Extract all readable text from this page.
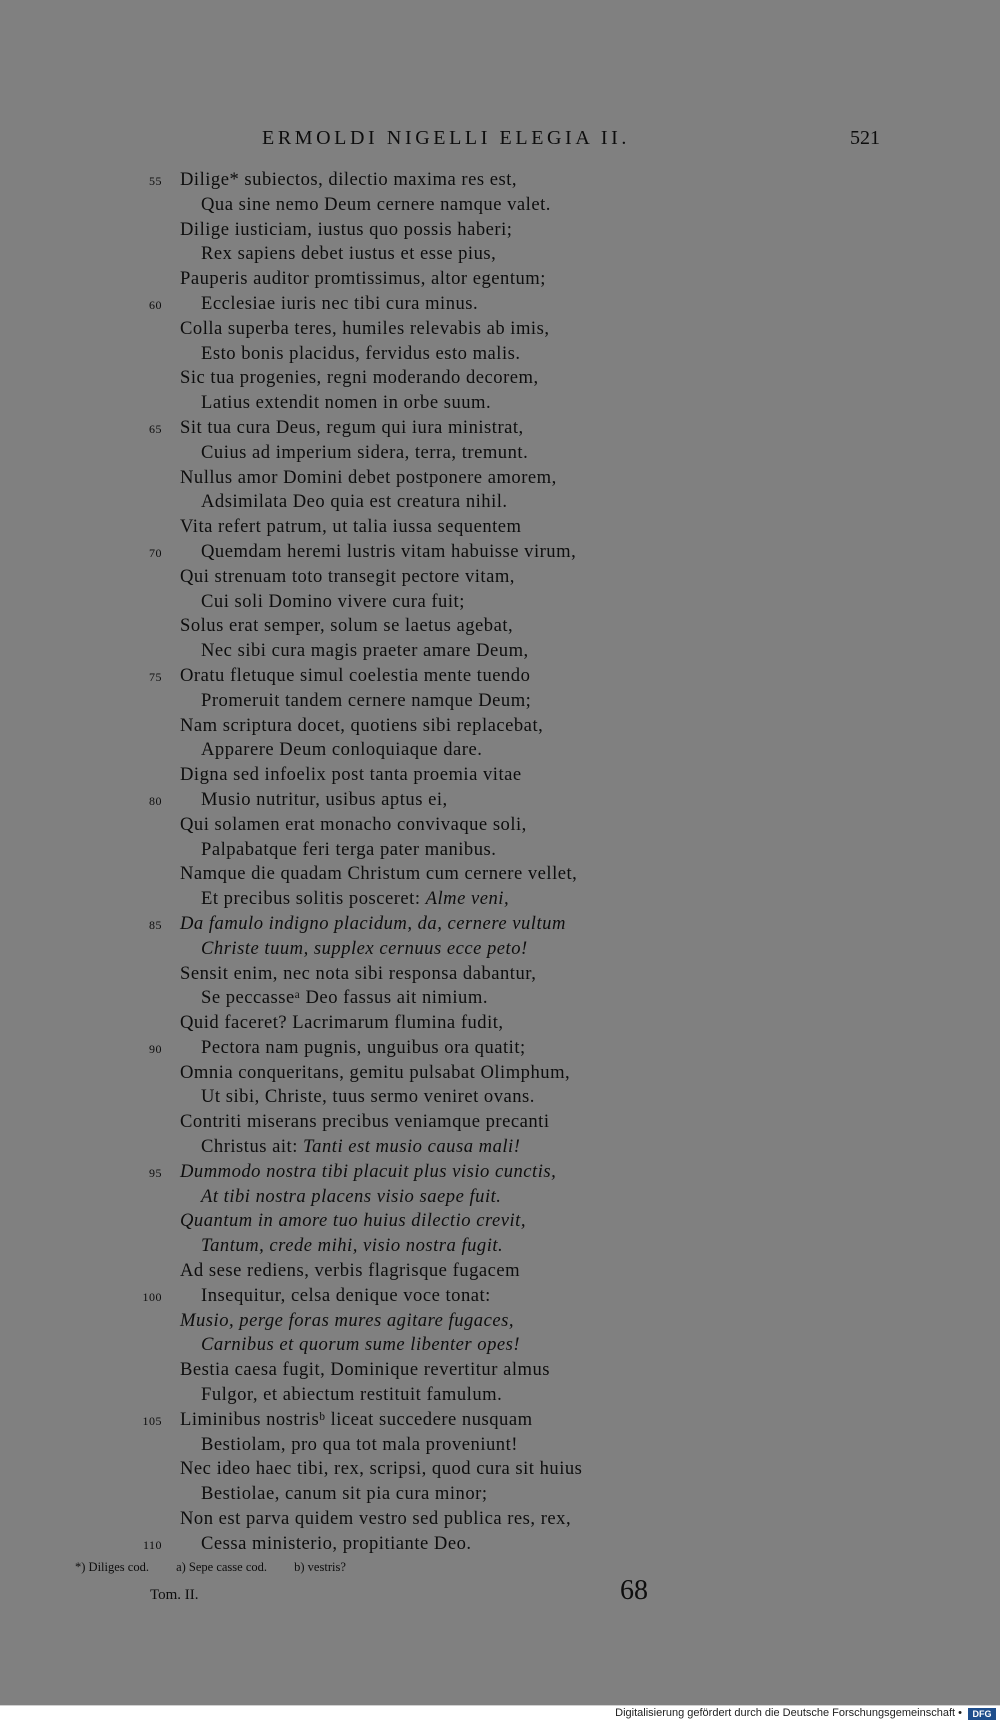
ERMOLDI NIGELLI ELEGIA II.	521
55 Dilige* subiectos, dilectio maxima res est,
Qua sine nemo Deum cernere namque valet.
Dilige iusticiam, iustus quo possis haberi;
Rex sapiens debet iustus et esse pius,
Pauperis auditor promtissimus, altor egentum;
60 Ecclesiae iuris nec tibi cura minus.
Colla superba teres, humiles relevabis ab imis,
Esto bonis placidus, fervidus esto malis.
Sic tua progenies, regni moderando decorem,
Latius extendit nomen in orbe suum.
65 Sit tua cura Deus, regum qui iura ministrat,
Cuius ad imperium sidera, terra, tremunt.
Nullus amor Domini debet postponere amorem,
Adsimilata Deo quia est creatura nihil.
Vita refert patrum, ut talia iussa sequentem
70 Quemdam heremi lustris vitam habuisse virum,
Qui strenuam toto transegit pectore vitam,
Cui soli Domino vivere cura fuit;
Solus erat semper, solum se laetus agebat,
Nec sibi cura magis praeter amare Deum,
75 Oratu fletuque simul coelestia mente tuendo
Promeruit tandem cernere namque Deum;
Nam scriptura docet, quotiens sibi replacebat,
Apparere Deum conloquiaque dare.
Digna sed infoelix post tanta proemia vitae
80 Musio nutritur, usibus aptus ei,
Qui solamen erat monacho convivaque soli,
Palpabatque feri terga pater manibus.
Namque die quadam Christum cum cernere vellet,
Et precibus solitis posceret: Alme veni,
85 Da famulo indigno placidum, da, cernere vultum
Christe tuum, supplex cernuus ecce peto!
Sensit enim, nec nota sibi responsa dabantur,
Se peccasseᵃ Deo fassus ait nimium.
Quid faceret? Lacrimarum flumina fudit,
90 Pectora nam pugnis, unguibus ora quatit;
Omnia conqueritans, gemitu pulsabat Olimphum,
Ut sibi, Christe, tuus sermo veniret ovans.
Contriti miserans precibus veniamque precanti
Christus ait: Tanti est musio causa mali!
95 Dummodo nostra tibi placuit plus visio cunctis,
At tibi nostra placens visio saepe fuit.
Quantum in amore tuo huius dilectio crevit,
Tantum, crede mihi, visio nostra fugit.
Ad sese rediens, verbis flagrisque fugacem
100 Insequitur, celsa denique voce tonat:
Musio, perge foras mures agitare fugaces,
Carnibus et quorum sume libenter opes!
Bestia caesa fugit, Dominique revertitur almus
Fulgor, et abiectum restituit famulum.
105 Liminibus nostrisᵇ liceat succedere nusquam
Bestiolam, pro qua tot mala proveniunt!
Nec ideo haec tibi, rex, scripsi, quod cura sit huius
Bestiolae, canum sit pia cura minor;
Non est parva quidem vestro sed publica res, rex,
110 Cessa ministerio, propitiante Deo.
*) Diliges cod. a) Sepe casse cod. b) vestris?
Tom. II.	68
Digitalisierung gefördert durch die Deutsche Forschungsgemeinschaft •	DFG
